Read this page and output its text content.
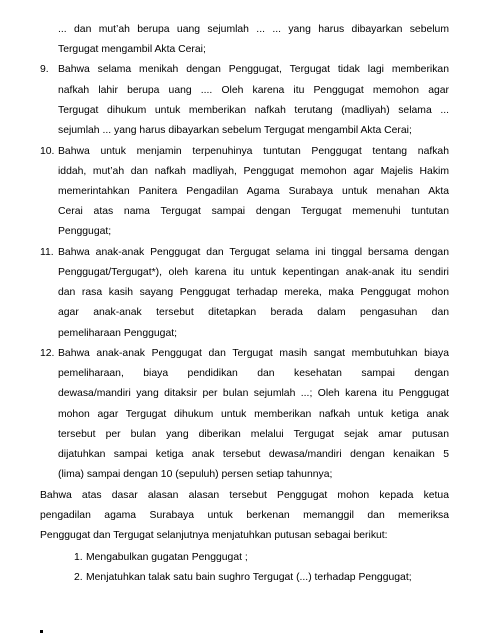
... dan mut’ah berupa uang sejumlah ... ... yang harus dibayarkan sebelum
Tergugat mengambil Akta Cerai;
9. Bahwa selama menikah dengan Penggugat, Tergugat tidak lagi memberikan
nafkah lahir berupa uang .... Oleh karena itu Penggugat memohon agar
Tergugat dihukum untuk memberikan nafkah terutang (madliyah) selama ...
sejumlah ... yang harus dibayarkan sebelum Tergugat mengambil Akta Cerai;
10. Bahwa untuk menjamin terpenuhinya tuntutan Penggugat tentang nafkah
iddah, mut’ah dan nafkah madliyah, Penggugat memohon agar Majelis Hakim
memerintahkan Panitera Pengadilan Agama Surabaya untuk menahan Akta
Cerai atas nama Tergugat sampai dengan Tergugat memenuhi tuntutan
Penggugat;
11. Bahwa anak-anak Penggugat dan Tergugat selama ini tinggal bersama dengan
Penggugat/Tergugat*), oleh karena itu untuk kepentingan anak-anak itu sendiri
dan rasa kasih sayang Penggugat terhadap mereka, maka Penggugat mohon
agar anak-anak tersebut ditetapkan berada dalam pengasuhan dan
pemeliharaan Penggugat;
12. Bahwa anak-anak Penggugat dan Tergugat masih sangat membutuhkan biaya
pemeliharaan, biaya pendidikan dan kesehatan sampai dengan
dewasa/mandiri yang ditaksir per bulan sejumlah ...; Oleh karena itu Penggugat
mohon agar Tergugat dihukum untuk memberikan nafkah untuk ketiga anak
tersebut per bulan yang diberikan melalui Tergugat sejak amar putusan
dijatuhkan sampai ketiga anak tersebut dewasa/mandiri dengan kenaikan 5
(lima) sampai dengan 10 (sepuluh) persen setiap tahunnya;
Bahwa atas dasar alasan alasan tersebut Penggugat mohon kepada ketua
pengadilan agama Surabaya untuk berkenan memanggil dan memeriksa
Penggugat dan Tergugat selanjutnya menjatuhkan putusan sebagai berikut:
1. Mengabulkan gugatan Penggugat ;
2. Menjatuhkan talak satu bain sughro Tergugat (...) terhadap Penggugat;
